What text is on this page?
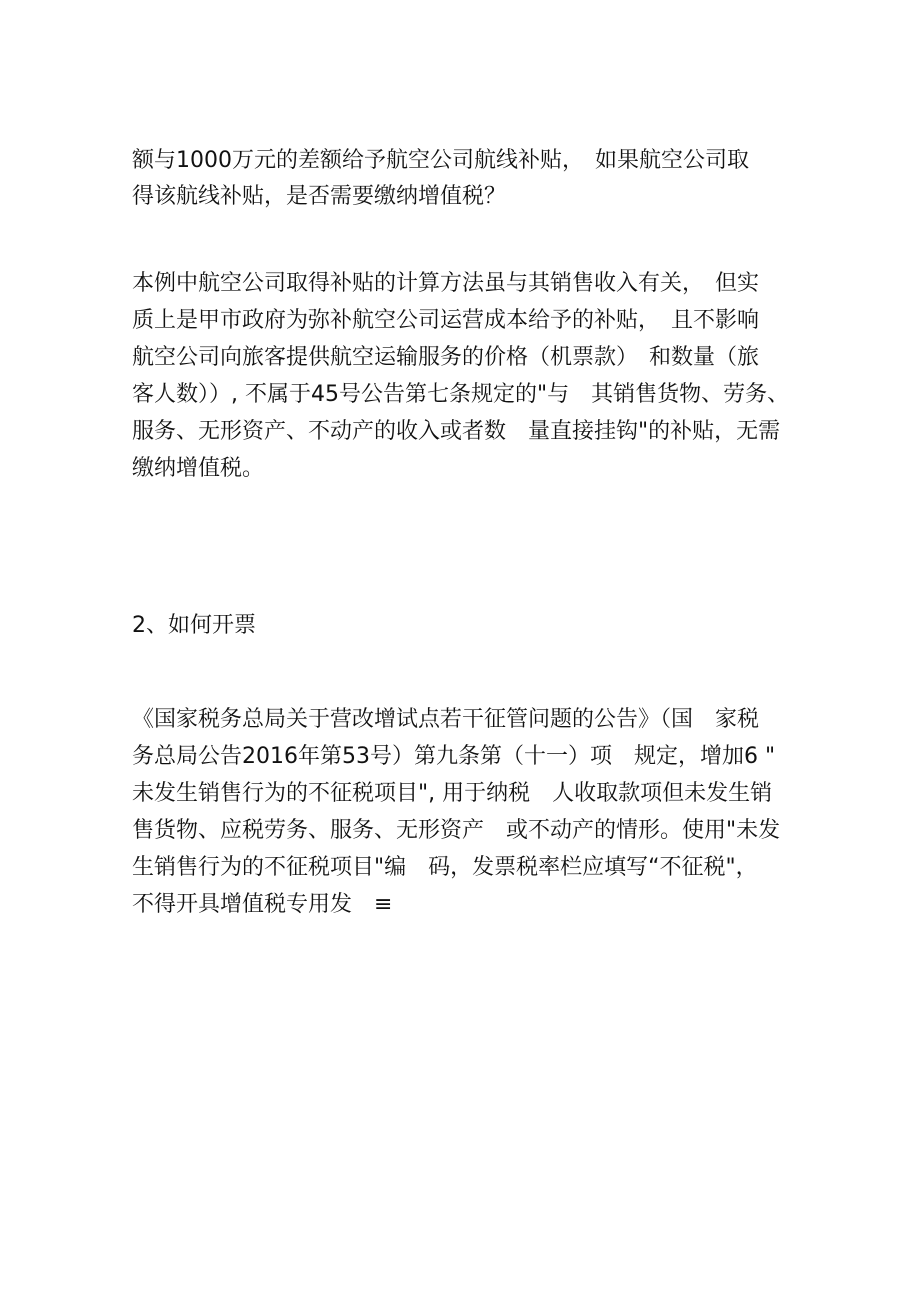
额与1000万元的差额给予航空公司航线补贴，　如果航空公司取
得该航线补贴，是否需要缴纳增值税？
本例中航空公司取得补贴的计算方法虽与其销售收入有关，　但实
质上是甲市政府为弥补航空公司运营成本给予的补贴，　且不影响
航空公司向旅客提供航空运输服务的价格（机票款）　和数量（旅
客人数））, 不属于45号公告第七条规定的"与　其销售货物、劳务、
服务、无形资产、不动产的收入或者数　量直接挂钩"的补贴，无需
缴纳增值税。
2、如何开票
《国家税务总局关于营改增试点若干征管问题的公告》（国　家税
务总局公告2016年第53号）第九条第（十一）项　规定，增加6 "
未发生销售行为的不征税项目", 用于纳税　人收取款项但未发生销
售货物、应税劳务、服务、无形资产　或不动产的情形。使用"未发
生销售行为的不征税项目"编　码，发票税率栏应填写“不征税"，
不得开具增值税专用发　≡
